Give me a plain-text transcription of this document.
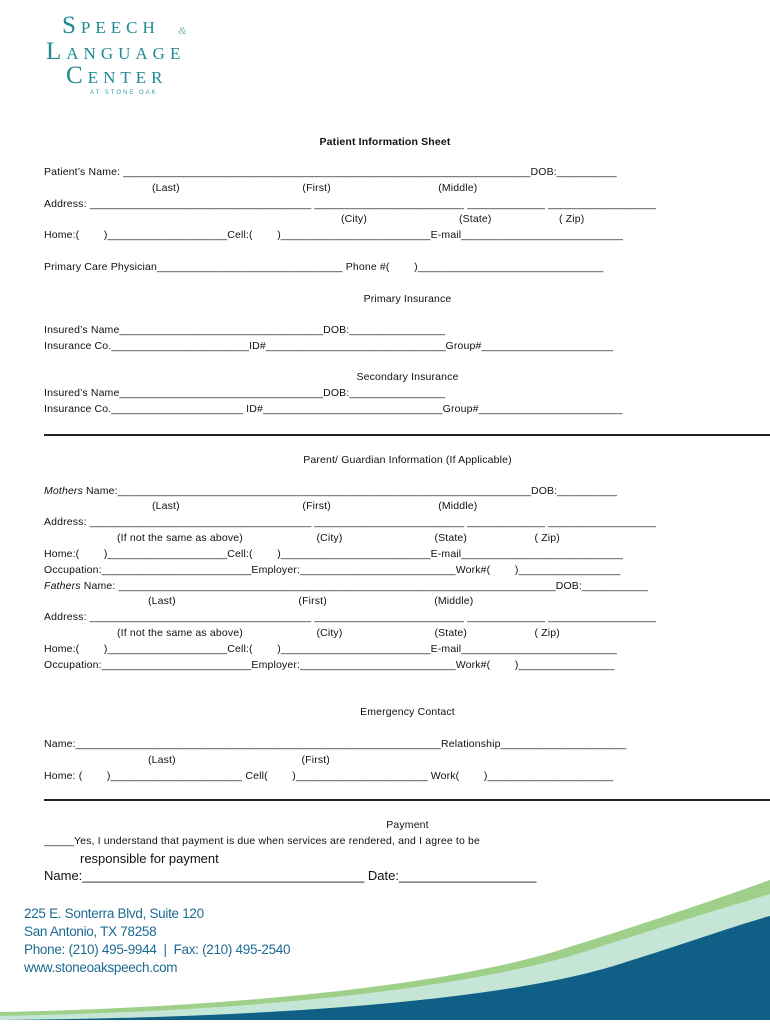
SPEECH &
LANGUAGE
CENTER
AT STONE OAK
Patient Information Sheet
Patient’s Name: ____________________________________________________________________DOB:__________
(Last)                                        (First)                                   (Middle)
Address: _____________________________________ _________________________ _____________ __________________
(City)                              (State)                      ( Zip)
Home:(        )____________________Cell:(        )_________________________E-mail___________________________
Primary Care Physician_______________________________ Phone #(        )_______________________________
Primary Insurance
Insured’s Name__________________________________DOB:________________
Insurance Co._______________________ID#______________________________Group#______________________
Secondary Insurance
Insured’s Name__________________________________DOB:________________
Insurance Co.______________________ ID#______________________________Group#________________________
Parent/ Guardian Information (If Applicable)
Mothers Name:_____________________________________________________________________DOB:__________
(Last)                                        (First)                                   (Middle)
Address: _____________________________________ _________________________ _____________ __________________
(If not the same as above)                        (City)                              (State)                      ( Zip)
Home:(        )____________________Cell:(        )_________________________E-mail___________________________
Occupation:_________________________Employer:__________________________Work#(        )_________________
Fathers Name: _________________________________________________________________________DOB:___________
(Last)                                        (First)                                   (Middle)
Address: _____________________________________ _________________________ _____________ __________________
(If not the same as above)                        (City)                              (State)                      ( Zip)
Home:(        )____________________Cell:(        )_________________________E-mail__________________________
Occupation:_________________________Employer:__________________________Work#(        )________________
Emergency Contact
Name:_____________________________________________________________Relationship_____________________
(Last)                                         (First)
Home: (        )______________________ Cell(        )______________________ Work(        )_____________________
Payment
_____Yes, I understand that payment is due when services are rendered, and I agree to be
responsible for payment
Name:_______________________________________ Date:___________________
225 E. Sonterra Blvd, Suite 120
San Antonio, TX 78258
Phone: (210) 495-9944  |  Fax: (210) 495-2540
www.stoneoakspeech.com
